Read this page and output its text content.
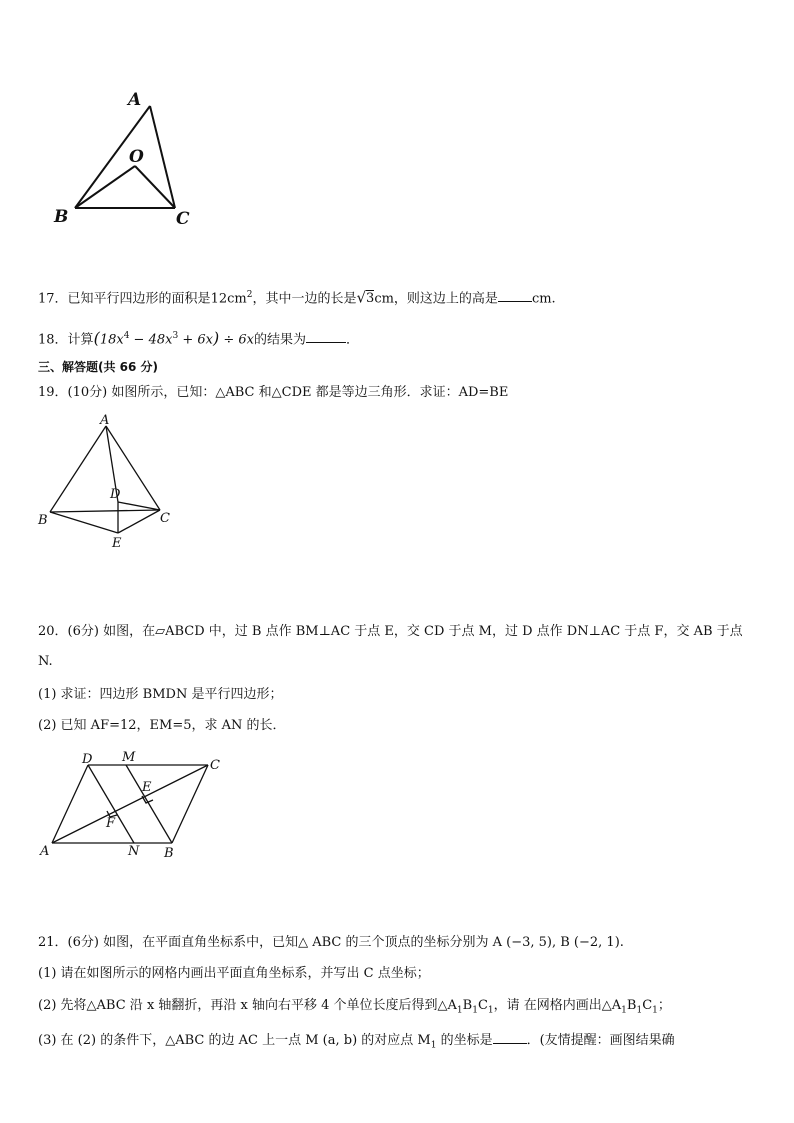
A
O
B	C
17．已知平行四边形的面积是$12cm^2$，其中一边的长是√3cm，则这边上的高是	cm.
18．计算$(18x^4 - 48x^3 + 6x) \div 6x$的结果为	．
三、解答题(共 66 分)
19．(10分) 如图所示，已知：△ABC 和△CDE 都是等边三角形．求证：AD=BE
A
D
B	C
E
20．(6分) 如图，在▱ABCD 中，过 B 点作 BM⊥AC 于点 E，交 CD 于点 M，过 D 点作 DN⊥AC 于点 F，交 AB 于点
N.
(1) 求证：四边形 BMDN 是平行四边形；
(2) 已知 AF=12，EM=5，求 AN 的长．
D M
C
E
F
A	N B
21．(6分) 如图，在平面直角坐标系中，已知△ ABC 的三个顶点的坐标分别为 A (−3, 5), B (−2, 1).
(1) 请在如图所示的网格内画出平面直角坐标系，并写出 C 点坐标；
(2) 先将△ABC 沿 x 轴翻折，再沿 x 轴向右平移 4 个单位长度后得到$\triangle A_1B_1C_1$，请 在网格内画出$\triangle A_1B_1C_1$；
(3) 在 (2) 的条件下，△ABC 的边 AC 上一点 M (a, b) 的对应点 $M_1$ 的坐标是	．(友情提醒：画图结果确
